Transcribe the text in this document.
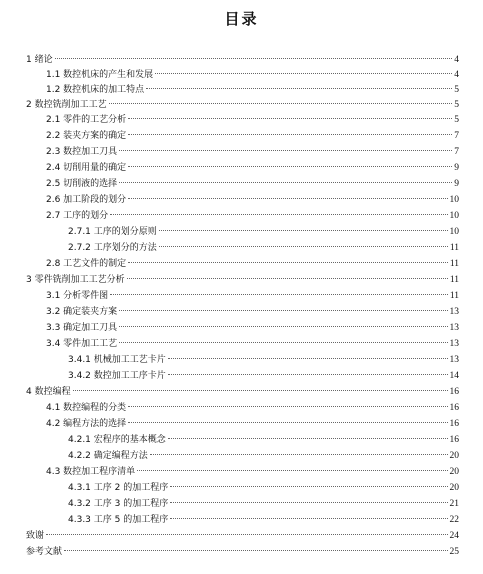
目录
1 绪论	4
1.1 数控机床的产生和发展	4
1.2 数控机床的加工特点	5
2 数控铣削加工工艺	5
2.1 零件的工艺分析	5
2.2 装夹方案的确定	7
2.3 数控加工刀具	7
2.4 切削用量的确定	9
2.5 切削液的选择	9
2.6 加工阶段的划分	10
2.7 工序的划分	10
2.7.1 工序的划分原则	10
2.7.2 工序划分的方法	11
2.8 工艺文件的制定	11
3 零件铣削加工工艺分析	11
3.1 分析零件图	11
3.2 确定装夹方案	13
3.3 确定加工刀具	13
3.4 零件加工工艺	13
3.4.1 机械加工工艺卡片	13
3.4.2 数控加工工序卡片	14
4 数控编程	16
4.1 数控编程的分类	16
4.2 编程方法的选择	16
4.2.1 宏程序的基本概念	16
4.2.2 确定编程方法	20
4.3 数控加工程序清单	20
4.3.1 工序 2 的加工程序	20
4.3.2 工序 3 的加工程序	21
4.3.3 工序 5 的加工程序	22
致谢	24
参考文献	25
